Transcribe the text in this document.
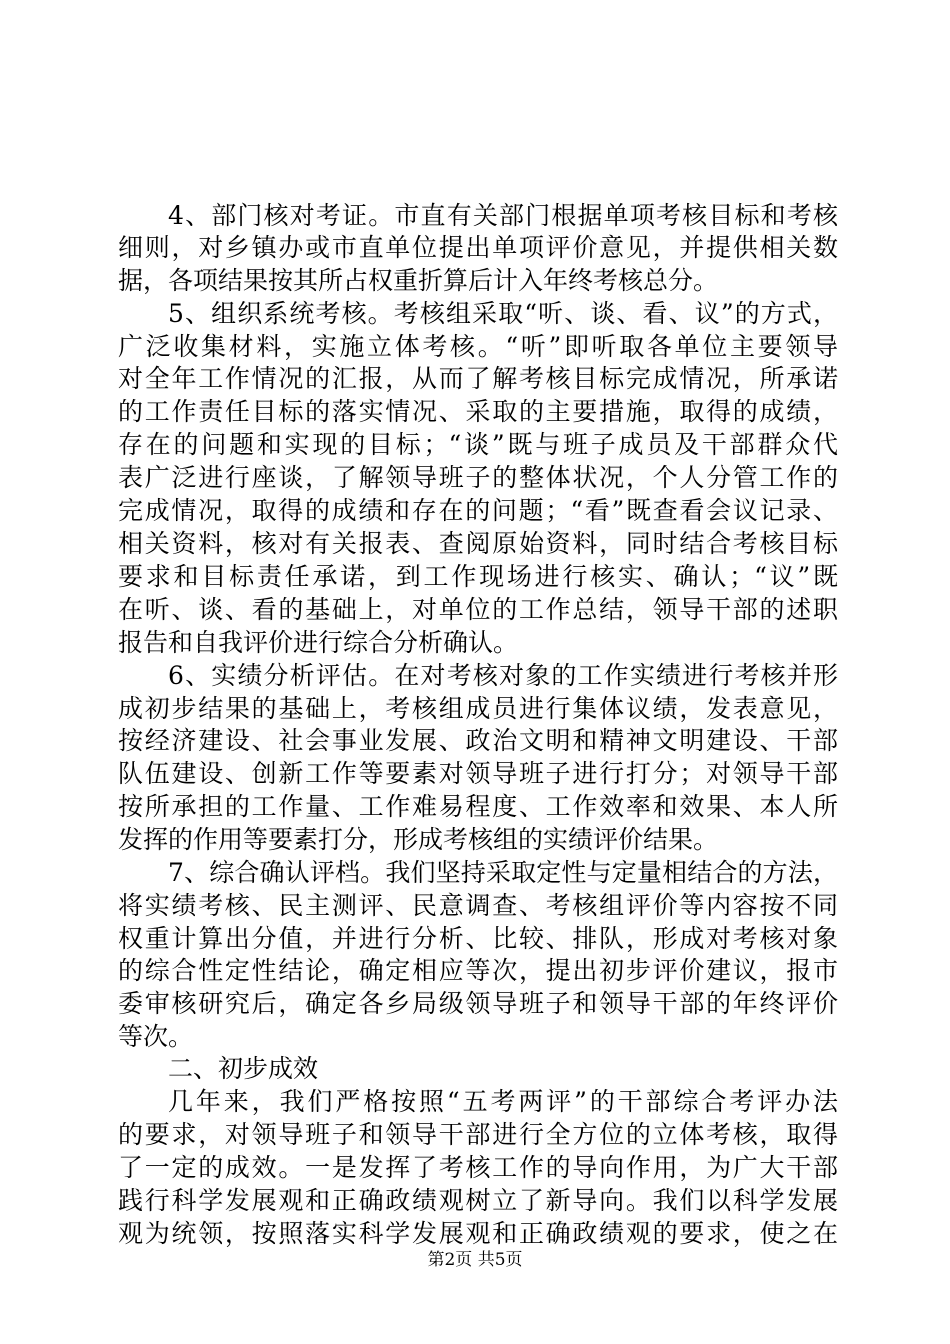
4、部门核对考证。市直有关部门根据单项考核目标和考核
细则，对乡镇办或市直单位提出单项评价意见，并提供相关数
据，各项结果按其所占权重折算后计入年终考核总分。
5、组织系统考核。考核组采取“听、谈、看、议”的方式，
广泛收集材料，实施立体考核。“听”即听取各单位主要领导
对全年工作情况的汇报，从而了解考核目标完成情况，所承诺
的工作责任目标的落实情况、采取的主要措施，取得的成绩，
存在的问题和实现的目标；“谈”既与班子成员及干部群众代
表广泛进行座谈，了解领导班子的整体状况，个人分管工作的
完成情况，取得的成绩和存在的问题；“看”既查看会议记录、
相关资料，核对有关报表、查阅原始资料，同时结合考核目标
要求和目标责任承诺，到工作现场进行核实、确认；“议”既
在听、谈、看的基础上，对单位的工作总结，领导干部的述职
报告和自我评价进行综合分析确认。
6、实绩分析评估。在对考核对象的工作实绩进行考核并形
成初步结果的基础上，考核组成员进行集体议绩，发表意见，
按经济建设、社会事业发展、政治文明和精神文明建设、干部
队伍建设、创新工作等要素对领导班子进行打分；对领导干部
按所承担的工作量、工作难易程度、工作效率和效果、本人所
发挥的作用等要素打分，形成考核组的实绩评价结果。
7、综合确认评档。我们坚持采取定性与定量相结合的方法，
将实绩考核、民主测评、民意调查、考核组评价等内容按不同
权重计算出分值，并进行分析、比较、排队，形成对考核对象
的综合性定性结论，确定相应等次，提出初步评价建议，报市
委审核研究后，确定各乡局级领导班子和领导干部的年终评价
等次。
二、初步成效
几年来，我们严格按照“五考两评”的干部综合考评办法
的要求，对领导班子和领导干部进行全方位的立体考核，取得
了一定的成效。一是发挥了考核工作的导向作用，为广大干部
践行科学发展观和正确政绩观树立了新导向。我们以科学发展
观为统领，按照落实科学发展观和正确政绩观的要求，使之在
第2页 共5页
